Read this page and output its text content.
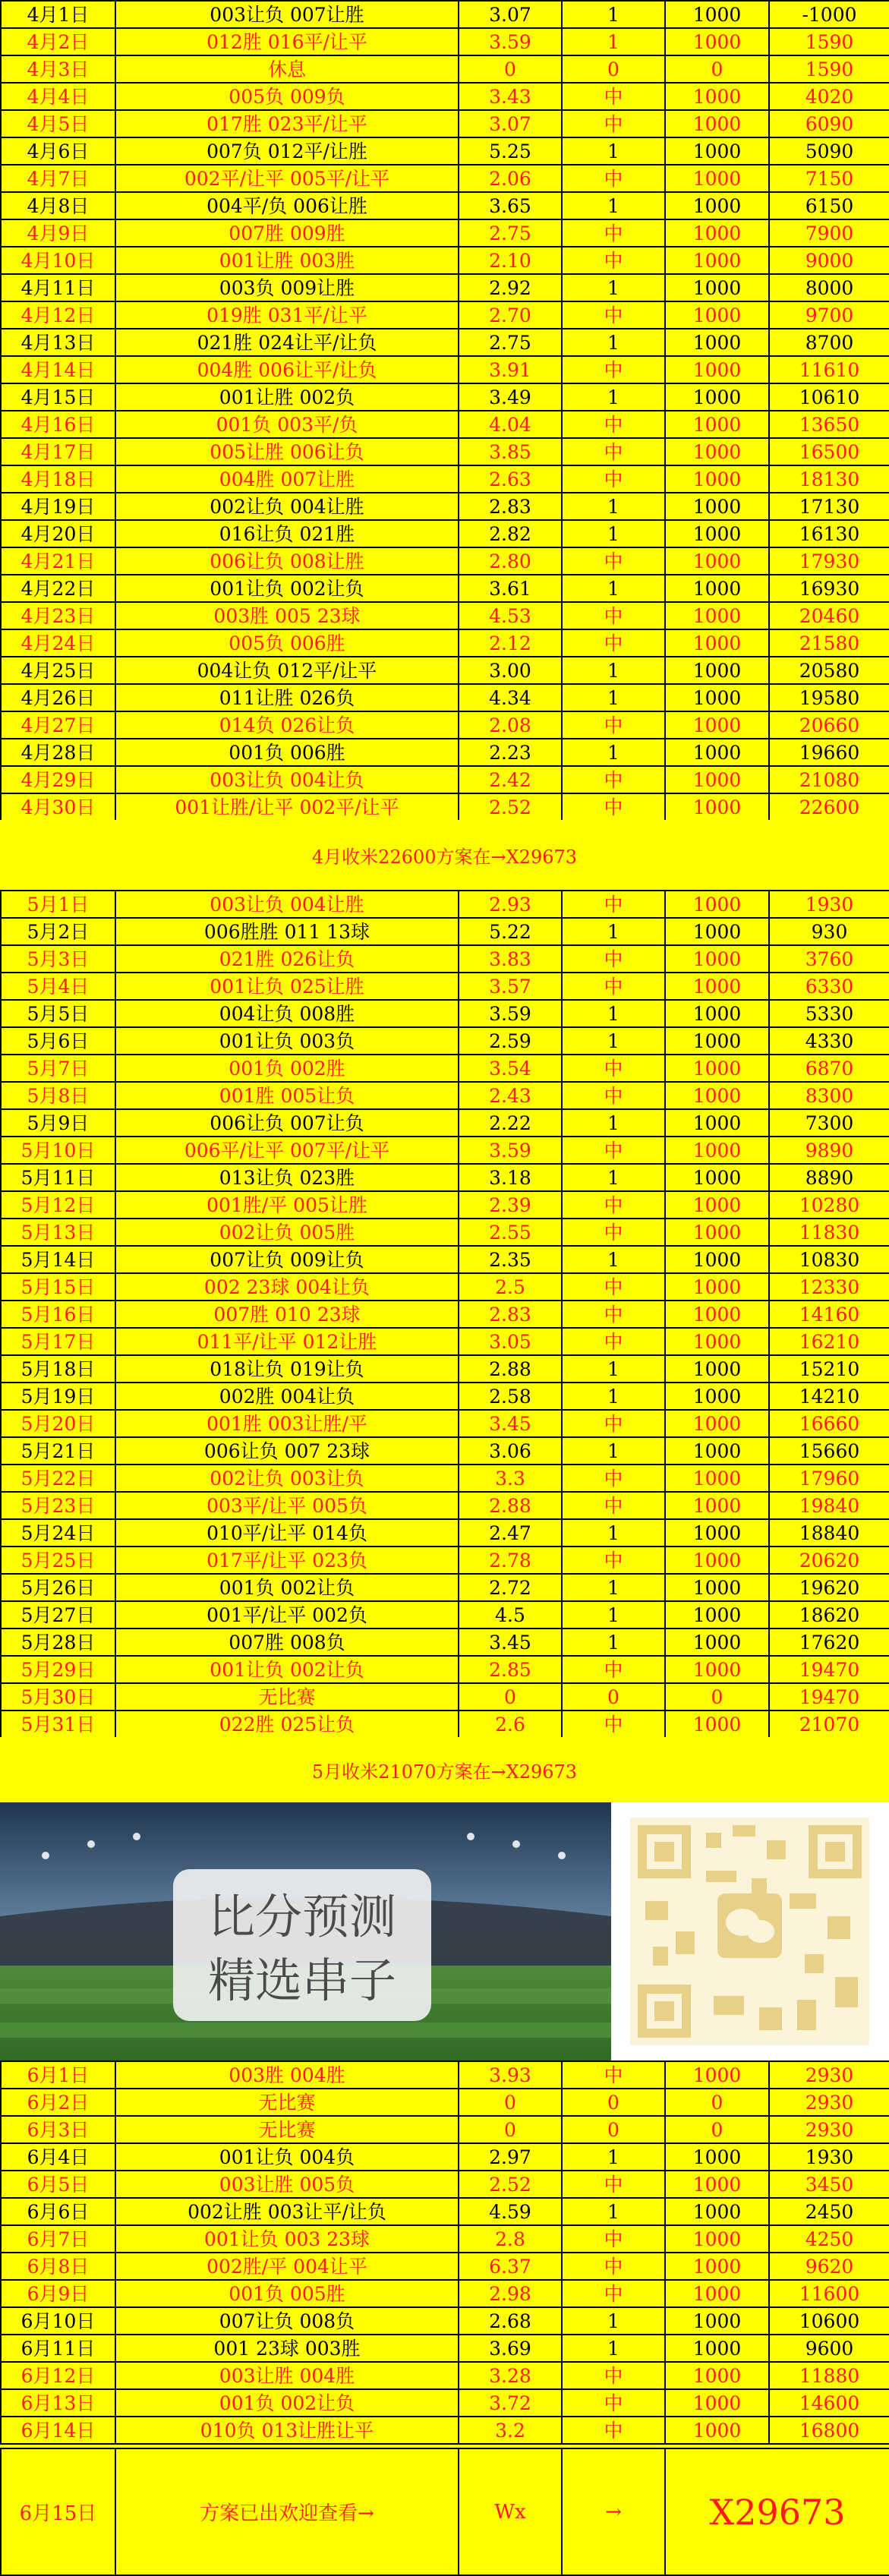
4月1日	003让负 007让胜	3.07	1	1000	-1000
4月2日	012胜 016平/让平	3.59	1	1000	1590
4月3日	休息	0	0	0	1590
4月4日	005负 009负	3.43	中	1000	4020
4月5日	017胜 023平/让平	3.07	中	1000	6090
4月6日	007负 012平/让胜	5.25	1	1000	5090
4月7日	002平/让平 005平/让平	2.06	中	1000	7150
4月8日	004平/负 006让胜	3.65	1	1000	6150
4月9日	007胜 009胜	2.75	中	1000	7900
4月10日	001让胜 003胜	2.10	中	1000	9000
4月11日	003负 009让胜	2.92	1	1000	8000
4月12日	019胜 031平/让平	2.70	中	1000	9700
4月13日	021胜 024让平/让负	2.75	1	1000	8700
4月14日	004胜 006让平/让负	3.91	中	1000	11610
4月15日	001让胜 002负	3.49	1	1000	10610
4月16日	001负 003平/负	4.04	中	1000	13650
4月17日	005让胜 006让负	3.85	中	1000	16500
4月18日	004胜 007让胜	2.63	中	1000	18130
4月19日	002让负 004让胜	2.83	1	1000	17130
4月20日	016让负 021胜	2.82	1	1000	16130
4月21日	006让负 008让胜	2.80	中	1000	17930
4月22日	001让负 002让负	3.61	1	1000	16930
4月23日	003胜 005 23球	4.53	中	1000	20460
4月24日	005负 006胜	2.12	中	1000	21580
4月25日	004让负 012平/让平	3.00	1	1000	20580
4月26日	011让胜 026负	4.34	1	1000	19580
4月27日	014负 026让负	2.08	中	1000	20660
4月28日	001负 006胜	2.23	1	1000	19660
4月29日	003让负 004让负	2.42	中	1000	21080
4月30日	001让胜/让平 002平/让平	2.52	中	1000	22600
4月收米22600方案在→X29673
5月1日	003让负 004让胜	2.93	中	1000	1930
5月2日	006胜胜 011 13球	5.22	1	1000	930
5月3日	021胜 026让负	3.83	中	1000	3760
5月4日	001让负 025让胜	3.57	中	1000	6330
5月5日	004让负 008胜	3.59	1	1000	5330
5月6日	001让负 003负	2.59	1	1000	4330
5月7日	001负 002胜	3.54	中	1000	6870
5月8日	001胜 005让负	2.43	中	1000	8300
5月9日	006让负 007让负	2.22	1	1000	7300
5月10日	006平/让平 007平/让平	3.59	中	1000	9890
5月11日	013让负 023胜	3.18	1	1000	8890
5月12日	001胜/平 005让胜	2.39	中	1000	10280
5月13日	002让负 005胜	2.55	中	1000	11830
5月14日	007让负 009让负	2.35	1	1000	10830
5月15日	002 23球 004让负	2.5	中	1000	12330
5月16日	007胜 010 23球	2.83	中	1000	14160
5月17日	011平/让平 012让胜	3.05	中	1000	16210
5月18日	018让负 019让负	2.88	1	1000	15210
5月19日	002胜 004让负	2.58	1	1000	14210
5月20日	001胜 003让胜/平	3.45	中	1000	16660
5月21日	006让负 007 23球	3.06	1	1000	15660
5月22日	002让负 003让负	3.3	中	1000	17960
5月23日	003平/让平 005负	2.88	中	1000	19840
5月24日	010平/让平 014负	2.47	1	1000	18840
5月25日	017平/让平 023负	2.78	中	1000	20620
5月26日	001负 002让负	2.72	1	1000	19620
5月27日	001平/让平 002负	4.5	1	1000	18620
5月28日	007胜 008负	3.45	1	1000	17620
5月29日	001让负 002让负	2.85	中	1000	19470
5月30日	无比赛	0	0	0	19470
5月31日	022胜 025让负	2.6	中	1000	21070
5月收米21070方案在→X29673
比分预测
精选串子
6月1日	003胜 004胜	3.93	中	1000	2930
6月2日	无比赛	0	0	0	2930
6月3日	无比赛	0	0	0	2930
6月4日	001让负 004负	2.97	1	1000	1930
6月5日	003让胜 005负	2.52	中	1000	3450
6月6日	002让胜 003让平/让负	4.59	1	1000	2450
6月7日	001让负 003 23球	2.8	中	1000	4250
6月8日	002胜/平 004让平	6.37	中	1000	9620
6月9日	001负 005胜	2.98	中	1000	11600
6月10日	007让负 008负	2.68	1	1000	10600
6月11日	001 23球 003胜	3.69	1	1000	9600
6月12日	003让胜 004胜	3.28	中	1000	11880
6月13日	001负 002让负	3.72	中	1000	14600
6月14日	010负 013让胜让平	3.2	中	1000	16800
6月15日	方案已出欢迎查看→	Wx	→	X29673
